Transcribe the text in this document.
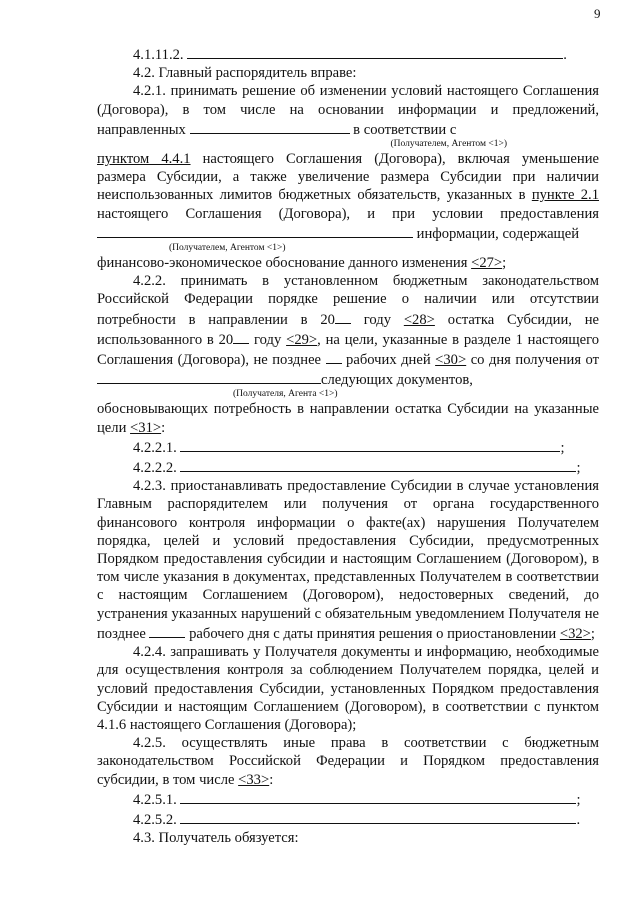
9

4.1.11.2.	.

4.2. Главный распорядитель вправе:

4.2.1. принимать решение об изменении условий настоящего Соглашения (Договора), в том числе на основании информации и предложений, направленных	в соответствии с

(Получателем, Агентом <1>)

пунктом 4.4.1 настоящего Соглашения (Договора), включая уменьшение размера Субсидии, а также увеличение размера Субсидии при наличии неиспользованных лимитов бюджетных обязательств, указанных в пункте 2.1 настоящего Соглашения (Договора), и при условии предоставления  информации, содержащей

(Получателем, Агентом <1>)

финансово-экономическое обоснование данного изменения <27>;

4.2.2. принимать в установленном бюджетным законодательством Российской Федерации порядке решение о наличии или отсутствии потребности в направлении в 20 году <28> остатка Субсидии, не использованного в 20 году <29>, на цели, указанные в разделе 1 настоящего Соглашения (Договора), не позднее рабочих дней <30> со дня получения от следующих документов,

(Получателя, Агента <1>)

обосновывающих потребность в направлении остатка Субсидии на указанные цели <31>:

4.2.2.1.	;

4.2.2.2.	;

4.2.3. приостанавливать предоставление Субсидии в случае установления Главным распорядителем или получения от органа государственного финансового контроля информации о факте(ах) нарушения Получателем порядка, целей и условий предоставления Субсидии, предусмотренных Порядком предоставления субсидии и настоящим Соглашением (Договором), в том числе указания в документах, представленных Получателем в соответствии с настоящим Соглашением (Договором), недостоверных сведений, до устранения указанных нарушений с обязательным уведомлением Получателя не позднее	рабочего дня с даты принятия решения о приостановлении <32>;

4.2.4. запрашивать у Получателя документы и информацию, необходимые для осуществления контроля за соблюдением Получателем порядка, целей и условий предоставления Субсидии, установленных Порядком предоставления Субсидии и настоящим Соглашением (Договором), в соответствии с пунктом 4.1.6 настоящего Соглашения (Договора);

4.2.5. осуществлять иные права в соответствии с бюджетным законодательством Российской Федерации и Порядком предоставления субсидии, в том числе <33>:

4.2.5.1.	;

4.2.5.2.	.

4.3. Получатель обязуется:
